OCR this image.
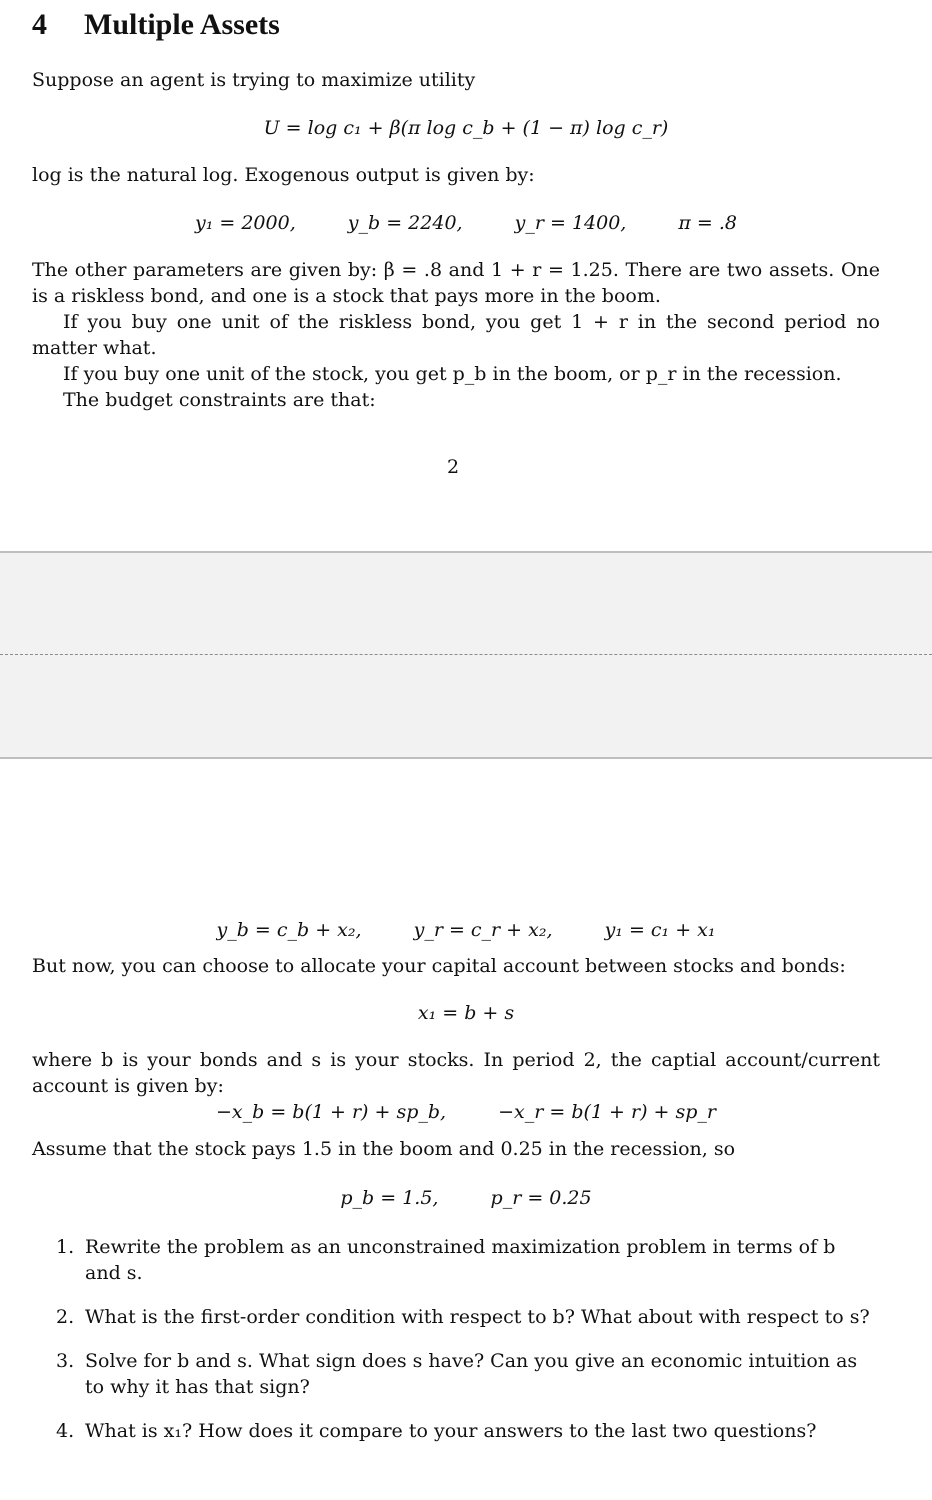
4 Multiple Assets

Suppose an agent is trying to maximize utility

U = log c₁ + β(π log c_b + (1 − π) log c_r)

log is the natural log. Exogenous output is given by:

y₁ = 2000,	y_b = 2240,	y_r = 1400,	π = .8

The other parameters are given by: β = .8 and 1 + r = 1.25. There are two assets. One is a riskless bond, and one is a stock that pays more in the boom.

If you buy one unit of the riskless bond, you get 1 + r in the second period no matter what.

If you buy one unit of the stock, you get p_b in the boom, or p_r in the recession.

The budget constraints are that:

2
y_b = c_b + x₂,	y_r = c_r + x₂,	y₁ = c₁ + x₁

But now, you can choose to allocate your capital account between stocks and bonds:

x₁ = b + s

where b is your bonds and s is your stocks. In period 2, the captial account/current account is given by:

−x_b = b(1 + r) + sp_b,	−x_r = b(1 + r) + sp_r

Assume that the stock pays 1.5 in the boom and 0.25 in the recession, so

p_b = 1.5,	p_r = 0.25
1. Rewrite the problem as an unconstrained maximization problem in terms of b and s.
2. What is the first-order condition with respect to b? What about with respect to s?
3. Solve for b and s. What sign does s have? Can you give an economic intuition as to why it has that sign?
4. What is x₁? How does it compare to your answers to the last two questions?
